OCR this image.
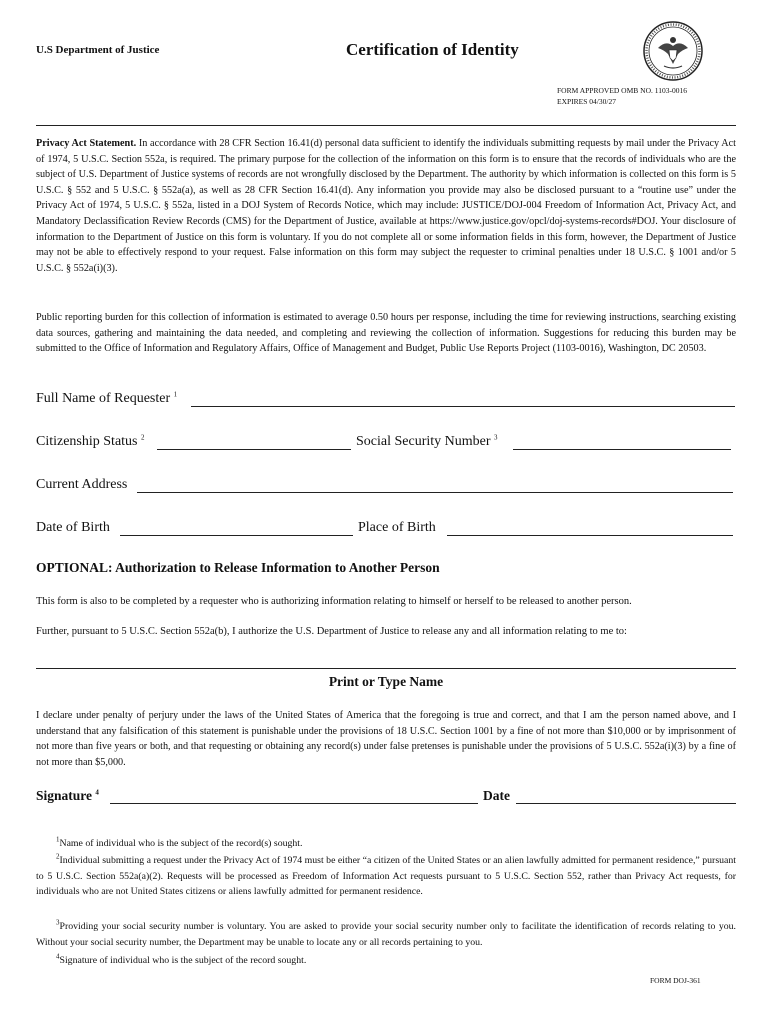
U.S Department of Justice	Certification of Identity
FORM APPROVED OMB NO. 1103-0016
EXPIRES 04/30/27
Privacy Act Statement. In accordance with 28 CFR Section 16.41(d) personal data sufficient to identify the individuals submitting requests by mail under the Privacy Act of 1974, 5 U.S.C. Section 552a, is required. The primary purpose for the collection of the information on this form is to ensure that the records of individuals who are the subject of U.S. Department of Justice systems of records are not wrongfully disclosed by the Department. The authority by which information is collected on this form is 5 U.S.C. § 552 and 5 U.S.C. § 552a(a), as well as 28 CFR Section 16.41(d). Any information you provide may also be disclosed pursuant to a “routine use” under the Privacy Act of 1974, 5 U.S.C. § 552a, listed in a DOJ System of Records Notice, which may include: JUSTICE/DOJ-004 Freedom of Information Act, Privacy Act, and Mandatory Declassification Review Records (CMS) for the Department of Justice, available at https://www.justice.gov/opcl/doj-systems-records#DOJ. Your disclosure of information to the Department of Justice on this form is voluntary. If you do not complete all or some information fields in this form, however, the Department of Justice may not be able to effectively respond to your request. False information on this form may subject the requester to criminal penalties under 18 U.S.C. § 1001 and/or 5 U.S.C. § 552a(i)(3).
Public reporting burden for this collection of information is estimated to average 0.50 hours per response, including the time for reviewing instructions, searching existing data sources, gathering and maintaining the data needed, and completing and reviewing the collection of information. Suggestions for reducing this burden may be submitted to the Office of Information and Regulatory Affairs, Office of Management and Budget, Public Use Reports Project (1103-0016), Washington, DC 20503.
Full Name of Requester $^1$
Citizenship Status $^2$	Social Security Number $^3$
Current Address
Date of Birth	Place of Birth
OPTIONAL: Authorization to Release Information to Another Person
This form is also to be completed by a requester who is authorizing information relating to himself or herself to be released to another person.
Further, pursuant to 5 U.S.C. Section 552a(b), I authorize the U.S. Department of Justice to release any and all information relating to me to:
Print or Type Name
I declare under penalty of perjury under the laws of the United States of America that the foregoing is true and correct, and that I am the person named above, and I understand that any falsification of this statement is punishable under the provisions of 18 U.S.C. Section 1001 by a fine of not more than $10,000 or by imprisonment of not more than five years or both, and that requesting or obtaining any record(s) under false pretenses is punishable under the provisions of 5 U.S.C. 552a(i)(3) by a fine of not more than $5,000.
Signature $^4$	Date
$^1$Name of individual who is the subject of the record(s) sought.
$^2$Individual submitting a request under the Privacy Act of 1974 must be either “a citizen of the United States or an alien lawfully admitted for permanent residence,” pursuant to 5 U.S.C. Section 552a(a)(2). Requests will be processed as Freedom of Information Act requests pursuant to 5 U.S.C. Section 552, rather than Privacy Act requests, for individuals who are not United States citizens or aliens lawfully admitted for permanent residence.
$^3$Providing your social security number is voluntary. You are asked to provide your social security number only to facilitate the identification of records relating to you. Without your social security number, the Department may be unable to locate any or all records pertaining to you.
$^4$Signature of individual who is the subject of the record sought.
FORM DOJ-361
